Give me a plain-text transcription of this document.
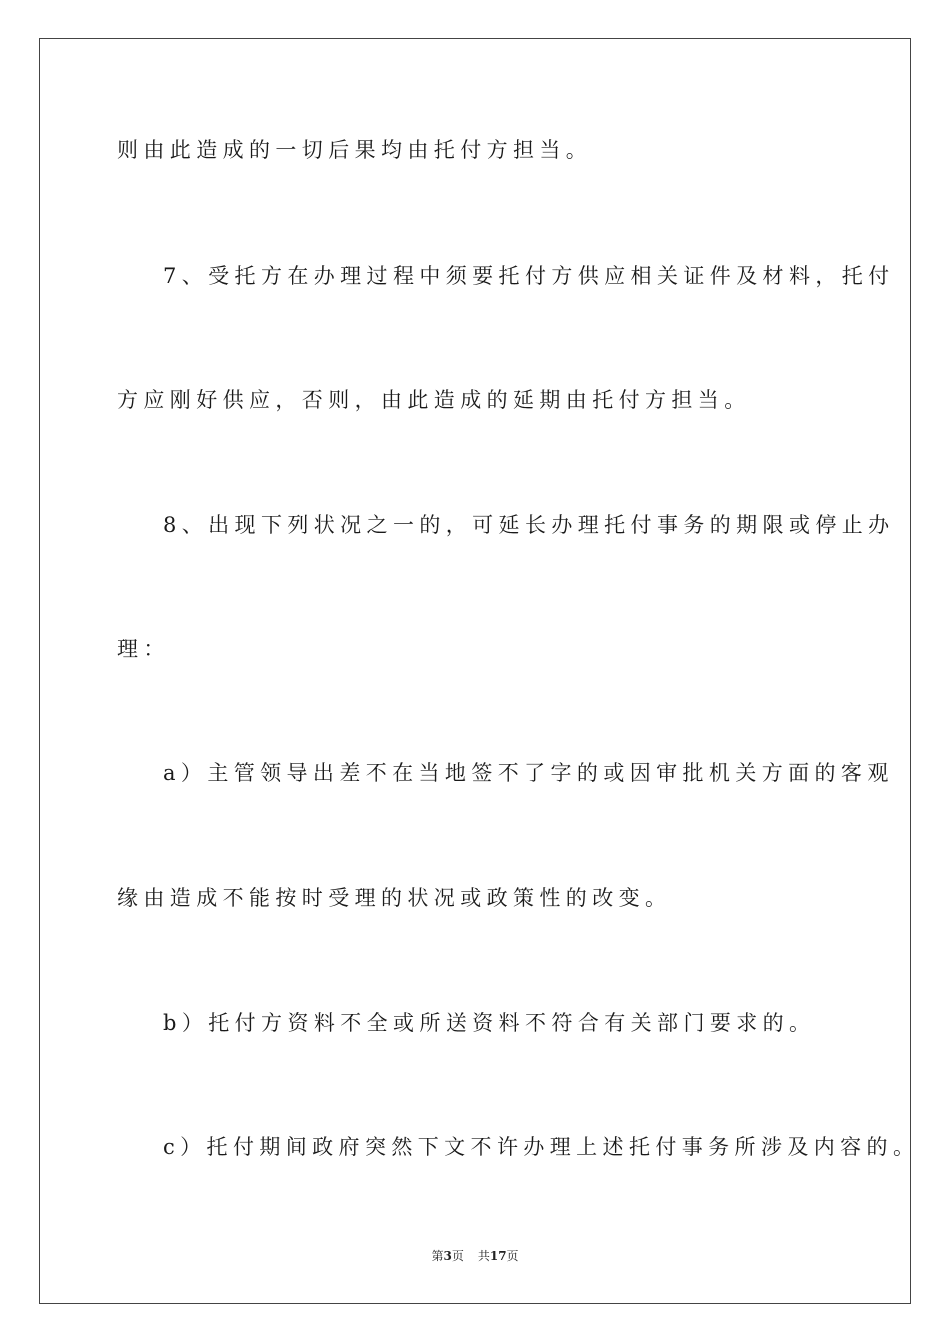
则由此造成的一切后果均由托付方担当。
7、受托方在办理过程中须要托付方供应相关证件及材料，托付
方应刚好供应，否则，由此造成的延期由托付方担当。
8、出现下列状况之一的，可延长办理托付事务的期限或停止办
理：
a）主管领导出差不在当地签不了字的或因审批机关方面的客观
缘由造成不能按时受理的状况或政策性的改变。
b）托付方资料不全或所送资料不符合有关部门要求的。
c）托付期间政府突然下文不许办理上述托付事务所涉及内容的。
第3页 共17页
